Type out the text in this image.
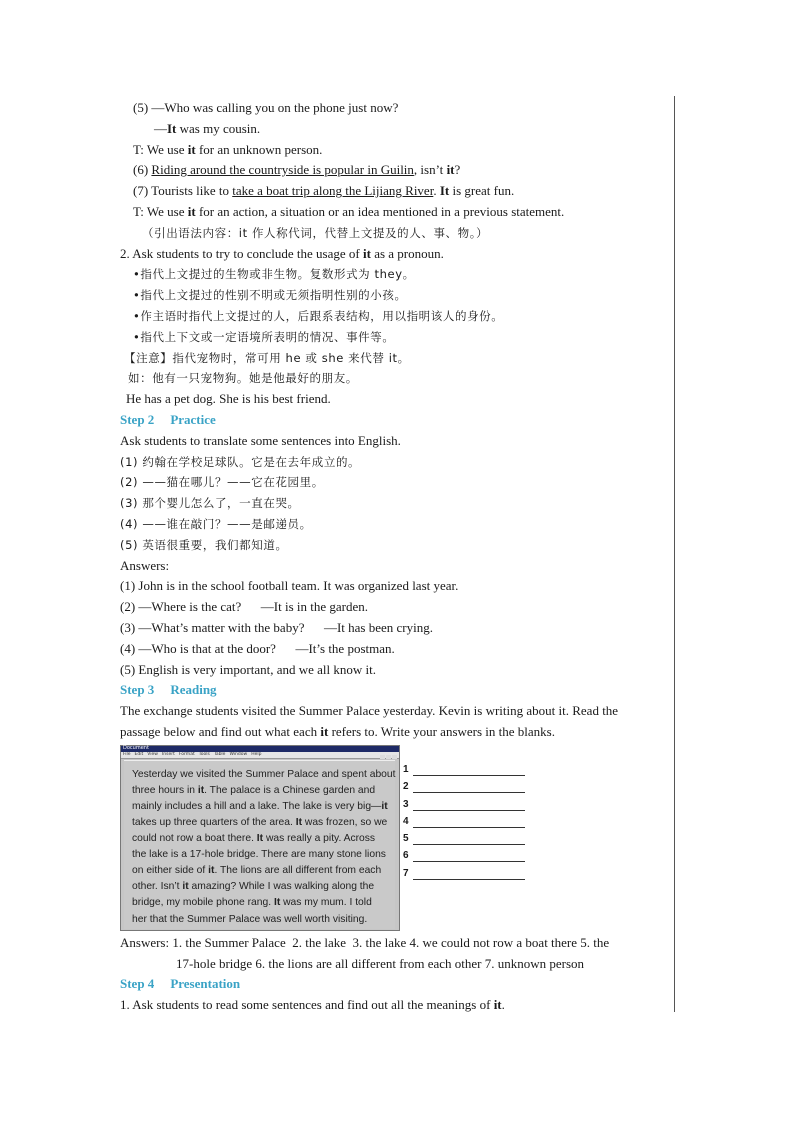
(5) —Who was calling you on the phone just now?
—It was my cousin.
T: We use it for an unknown person.
(6) Riding around the countryside is popular in Guilin, isn’t it?
(7) Tourists like to take a boat trip along the Lijiang River. It is great fun.
T: We use it for an action, a situation or an idea mentioned in a previous statement.
（引出语法内容：it 作人称代词，代替上文提及的人、事、物。）
2. Ask students to try to conclude the usage of it as a pronoun.
•指代上文提过的生物或非生物。复数形式为 they。
•指代上文提过的性别不明或无须指明性别的小孩。
•作主语时指代上文提过的人，后跟系表结构，用以指明该人的身份。
•指代上下文或一定语境所表明的情况、事件等。
【注意】指代宠物时，常可用 he 或 she 来代替 it。
如：他有一只宠物狗。她是他最好的朋友。
He has a pet dog. She is his best friend.
Step 2 Practice
Ask students to translate some sentences into English.
(1) 约翰在学校足球队。它是在去年成立的。
(2) ——猫在哪儿？——它在花园里。
(3) 那个婴儿怎么了，一直在哭。
(4) ——谁在敲门？——是邮递员。
(5) 英语很重要，我们都知道。
Answers:
(1) John is in the school football team. It was organized last year.
(2) —Where is the cat?      —It is in the garden.
(3) —What’s matter with the baby?      —It has been crying.
(4) —Who is that at the door?      —It’s the postman.
(5) English is very important, and we all know it.
Step 3 Reading
The exchange students visited the Summer Palace yesterday. Kevin is writing about it. Read the
passage below and find out what each it refers to. Write your answers in the blanks.
Document
File Edit View Insert Format Tools Table Window Help
Yesterday we visited the Summer Palace and spent about
three hours in it. The palace is a Chinese garden and
mainly includes a hill and a lake. The lake is very big—it
takes up three quarters of the area. It was frozen, so we
could not row a boat there. It was really a pity. Across
the lake is a 17-hole bridge. There are many stone lions
on either side of it. The lions are all different from each
other. Isn’t it amazing? While I was walking along the
bridge, my mobile phone rang. It was my mum. I told
her that the Summer Palace was well worth visiting.
1
2
3
4
5
6
7
Answers: 1. the Summer Palace  2. the lake  3. the lake 4. we could not row a boat there 5. the
17-hole bridge 6. the lions are all different from each other 7. unknown person
Step 4 Presentation
1. Ask students to read some sentences and find out all the meanings of it.
